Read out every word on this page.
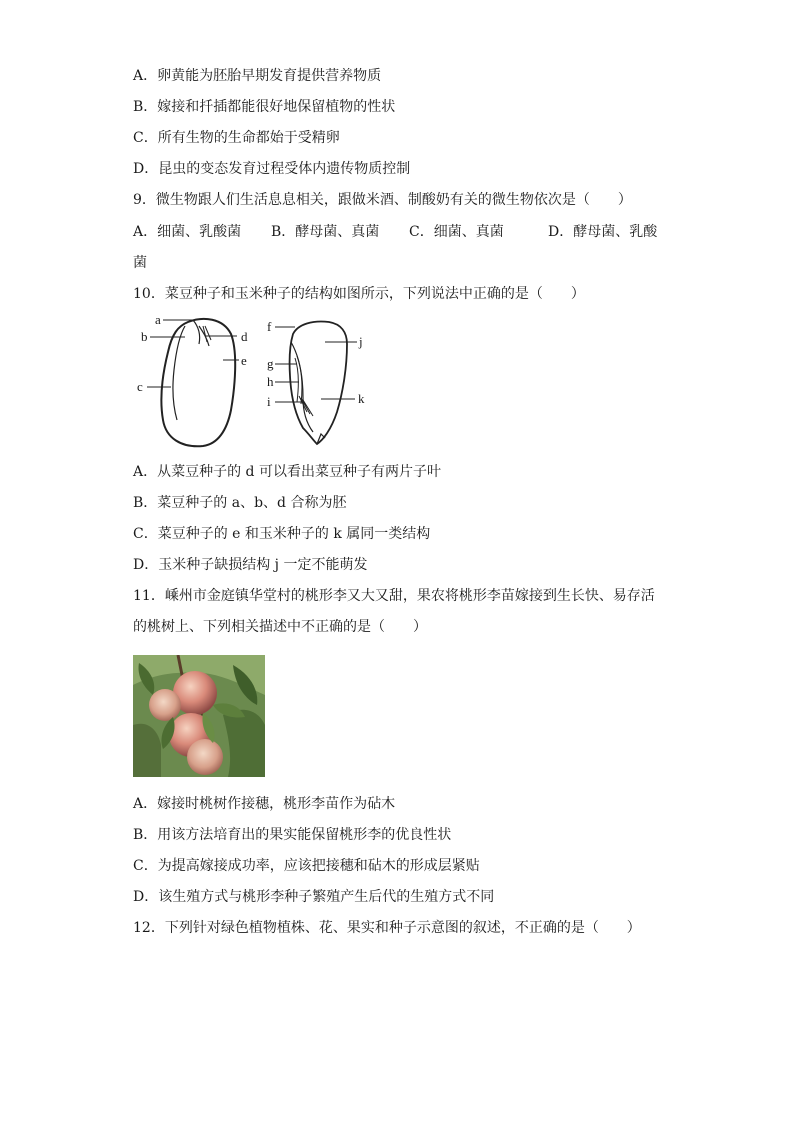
A．卵黄能为胚胎早期发育提供营养物质
B．嫁接和扦插都能很好地保留植物的性状
C．所有生物的生命都始于受精卵
D．昆虫的变态发育过程受体内遗传物质控制
9．微生物跟人们生活息息相关，跟做米酒、制酸奶有关的微生物依次是（　　）
A．细菌、乳酸菌 B．酵母菌、真菌 C．细菌、真菌	D．酵母菌、乳酸
菌
10．菜豆种子和玉米种子的结构如图所示，下列说法中正确的是（　　）
a
b
c
d
e
f
g
h
i
j
k
A．从菜豆种子的 d 可以看出菜豆种子有两片子叶
B．菜豆种子的 a、b、d 合称为胚
C．菜豆种子的 e 和玉米种子的 k 属同一类结构
D．玉米种子缺损结构 j 一定不能萌发
11．嵊州市金庭镇华堂村的桃形李又大又甜，果农将桃形李苗嫁接到生长快、易存活
的桃树上、下列相关描述中不正确的是（　　）
A．嫁接时桃树作接穗，桃形李苗作为砧木
B．用该方法培育出的果实能保留桃形李的优良性状
C．为提高嫁接成功率，应该把接穗和砧木的形成层紧贴
D．该生殖方式与桃形李种子繁殖产生后代的生殖方式不同
12．下列针对绿色植物植株、花、果实和种子示意图的叙述，不正确的是（　　）
